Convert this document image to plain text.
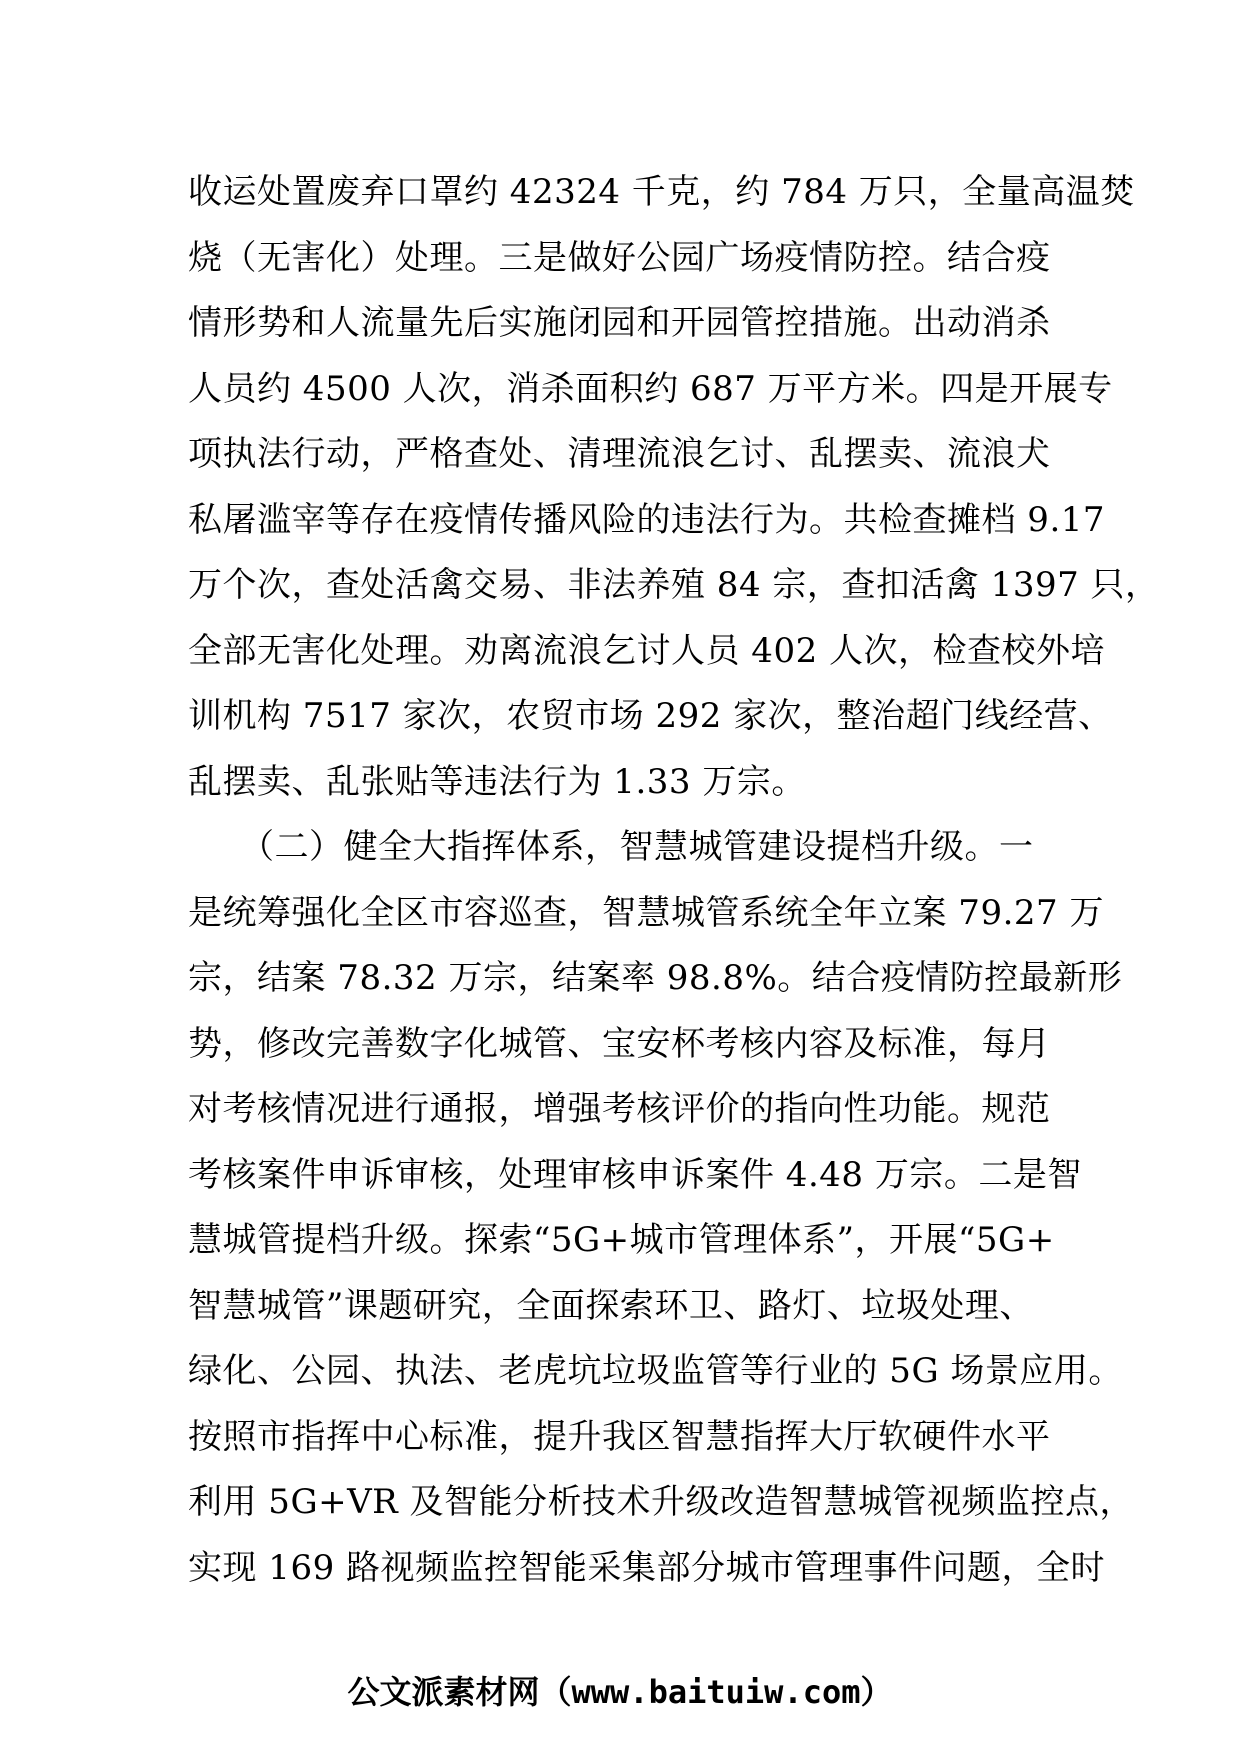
收运处置废弃口罩约 42324 千克，约 784 万只，全量高温焚
烧（无害化）处理。三是做好公园广场疫情防控。结合疫
情形势和人流量先后实施闭园和开园管控措施。出动消杀
人员约 4500 人次，消杀面积约 687 万平方米。四是开展专
项执法行动，严格查处、清理流浪乞讨、乱摆卖、流浪犬
私屠滥宰等存在疫情传播风险的违法行为。共检查摊档 9.17
万个次，查处活禽交易、非法养殖 84 宗，查扣活禽 1397 只，
全部无害化处理。劝离流浪乞讨人员 402 人次，检查校外培
训机构 7517 家次，农贸市场 292 家次，整治超门线经营、
乱摆卖、乱张贴等违法行为 1.33 万宗。
　　（二）健全大指挥体系，智慧城管建设提档升级。一
是统筹强化全区市容巡查，智慧城管系统全年立案 79.27 万
宗，结案 78.32 万宗，结案率 98.8%。结合疫情防控最新形
势，修改完善数字化城管、宝安杯考核内容及标准，每月
对考核情况进行通报，增强考核评价的指向性功能。规范
考核案件申诉审核，处理审核申诉案件 4.48 万宗。二是智
慧城管提档升级。探索“5G+城市管理体系”，开展“5G+
智慧城管”课题研究，全面探索环卫、路灯、垃圾处理、
绿化、公园、执法、老虎坑垃圾监管等行业的 5G 场景应用。
按照市指挥中心标准，提升我区智慧指挥大厅软硬件水平
利用 5G+VR 及智能分析技术升级改造智慧城管视频监控点，
实现 169 路视频监控智能采集部分城市管理事件问题，全时
公文派素材网（www.baituiw.com）
